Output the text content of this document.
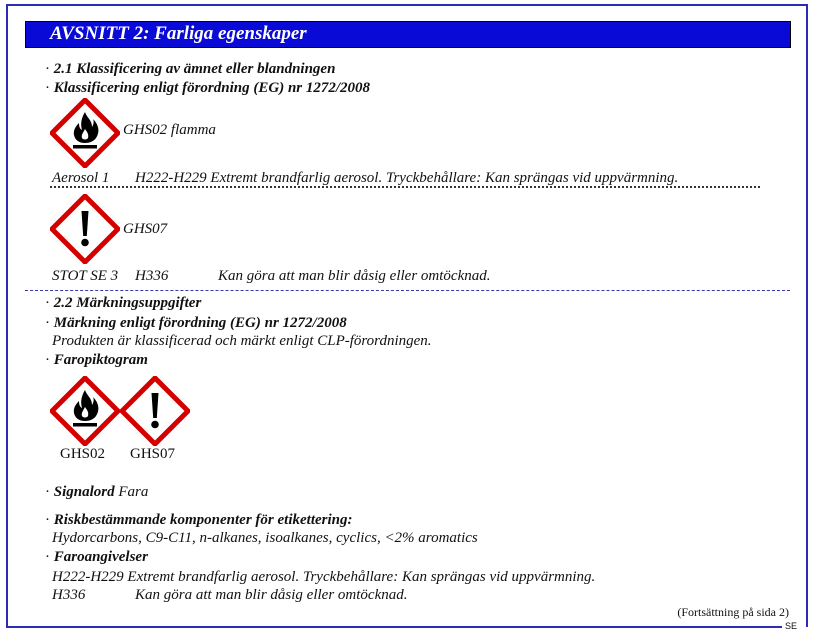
SE
AVSNITT 2: Farliga egenskaper
· 2.1 Klassificering av ämnet eller blandningen
· Klassificering enligt förordning (EG) nr 1272/2008
GHS02 flamma
Aerosol 1 H222-H229 Extremt brandfarlig aerosol. Tryckbehållare: Kan sprängas vid uppvärmning.
GHS07
STOT SE 3 H336	Kan göra att man blir dåsig eller omtöcknad.
· 2.2 Märkningsuppgifter
· Märkning enligt förordning (EG) nr 1272/2008
Produkten är klassificerad och märkt enligt CLP-förordningen.
· Faropiktogram
GHS02 GHS07
· Signalord Fara
· Riskbestämmande komponenter för etikettering:
Hydorcarbons, C9-C11, n-alkanes, isoalkanes, cyclics, <2% aromatics
· Faroangivelser
H222-H229 Extremt brandfarlig aerosol. Tryckbehållare: Kan sprängas vid uppvärmning.
H336	Kan göra att man blir dåsig eller omtöcknad.
(Fortsättning på sida 2)
